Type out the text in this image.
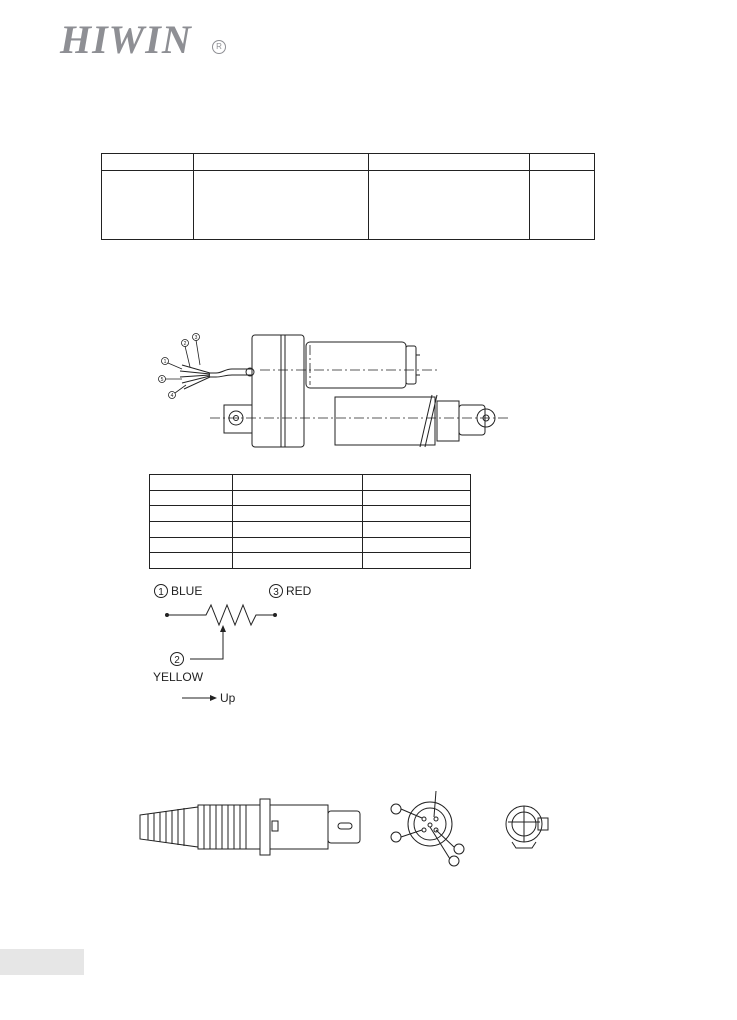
HIWIN	R

3
2
1
5
4

1 BLUE	3 RED
2
YELLOW
Up
